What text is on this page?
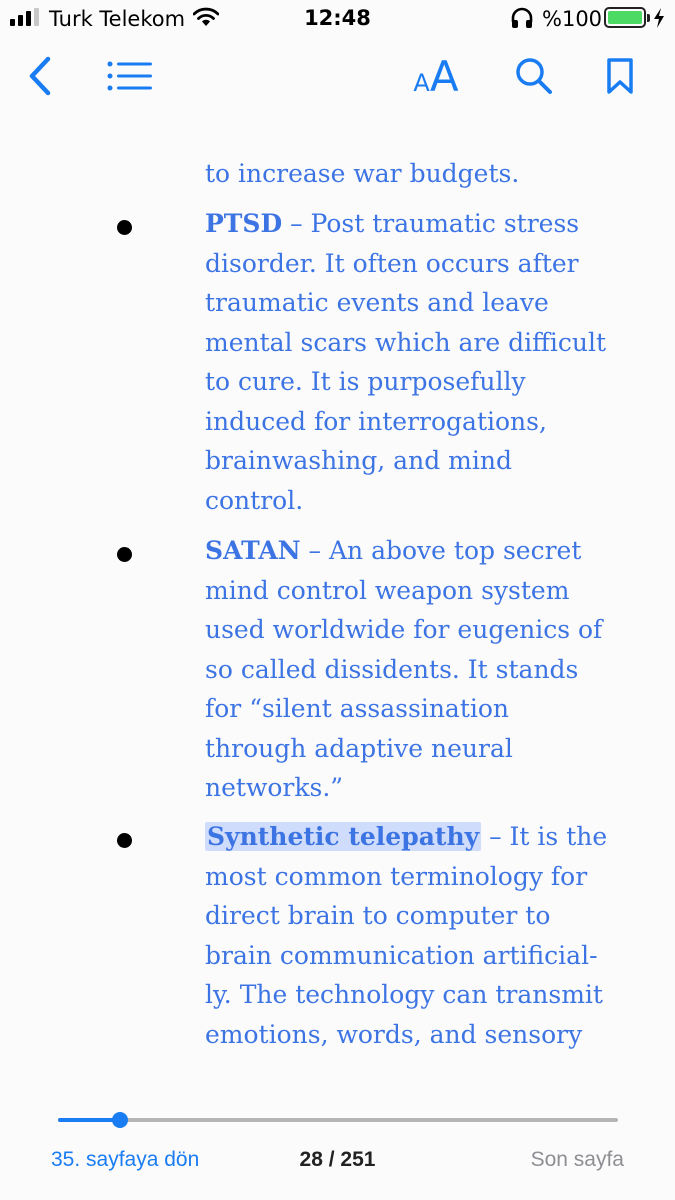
Turk Telekom	12:48	%100
AA

to increase war budgets.

PTSD – Post traumatic stress disorder. It often occurs after traumatic events and leave mental scars which are difficult to cure. It is purposefully induced for interrogations, brainwashing, and mind control.

SATAN – An above top secret mind control weapon system used worldwide for eugenics of so called dissidents. It stands for “silent assassination through adaptive neural networks.”

Synthetic telepathy – It is the most common terminology for direct brain to computer to brain communication artificial-ly. The technology can transmit emotions, words, and sensory

35. sayfaya dön	28 / 251	Son sayfa
